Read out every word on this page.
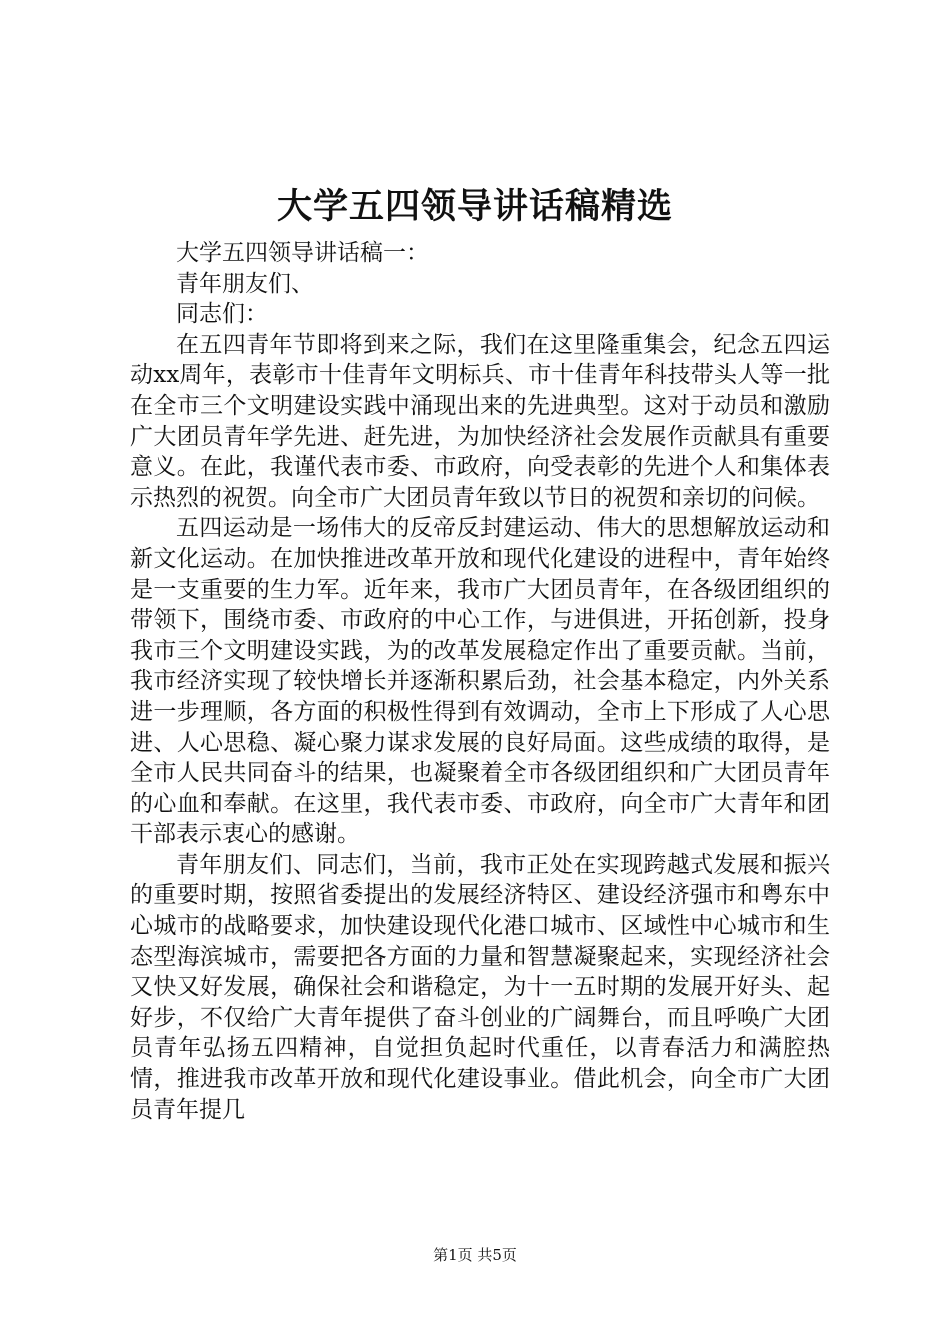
大学五四领导讲话稿精选

大学五四领导讲话稿一：

青年朋友们、

同志们：

在五四青年节即将到来之际，我们在这里隆重集会，纪念五四运动xx周年，表彰市十佳青年文明标兵、市十佳青年科技带头人等一批在全市三个文明建设实践中涌现出来的先进典型。这对于动员和激励广大团员青年学先进、赶先进，为加快经济社会发展作贡献具有重要意义。在此，我谨代表市委、市政府，向受表彰的先进个人和集体表示热烈的祝贺。向全市广大团员青年致以节日的祝贺和亲切的问候。

五四运动是一场伟大的反帝反封建运动、伟大的思想解放运动和新文化运动。在加快推进改革开放和现代化建设的进程中，青年始终是一支重要的生力军。近年来，我市广大团员青年，在各级团组织的带领下，围绕市委、市政府的中心工作，与进俱进，开拓创新，投身我市三个文明建设实践，为的改革发展稳定作出了重要贡献。当前，我市经济实现了较快增长并逐渐积累后劲，社会基本稳定，内外关系进一步理顺，各方面的积极性得到有效调动，全市上下形成了人心思进、人心思稳、凝心聚力谋求发展的良好局面。这些成绩的取得，是全市人民共同奋斗的结果，也凝聚着全市各级团组织和广大团员青年的心血和奉献。在这里，我代表市委、市政府，向全市广大青年和团干部表示衷心的感谢。

青年朋友们、同志们，当前，我市正处在实现跨越式发展和振兴的重要时期，按照省委提出的发展经济特区、建设经济强市和粤东中心城市的战略要求，加快建设现代化港口城市、区域性中心城市和生态型海滨城市，需要把各方面的力量和智慧凝聚起来，实现经济社会又快又好发展，确保社会和谐稳定，为十一五时期的发展开好头、起好步，不仅给广大青年提供了奋斗创业的广阔舞台，而且呼唤广大团员青年弘扬五四精神，自觉担负起时代重任，以青春活力和满腔热情，推进我市改革开放和现代化建设事业。借此机会，向全市广大团员青年提几

第1页 共5页
